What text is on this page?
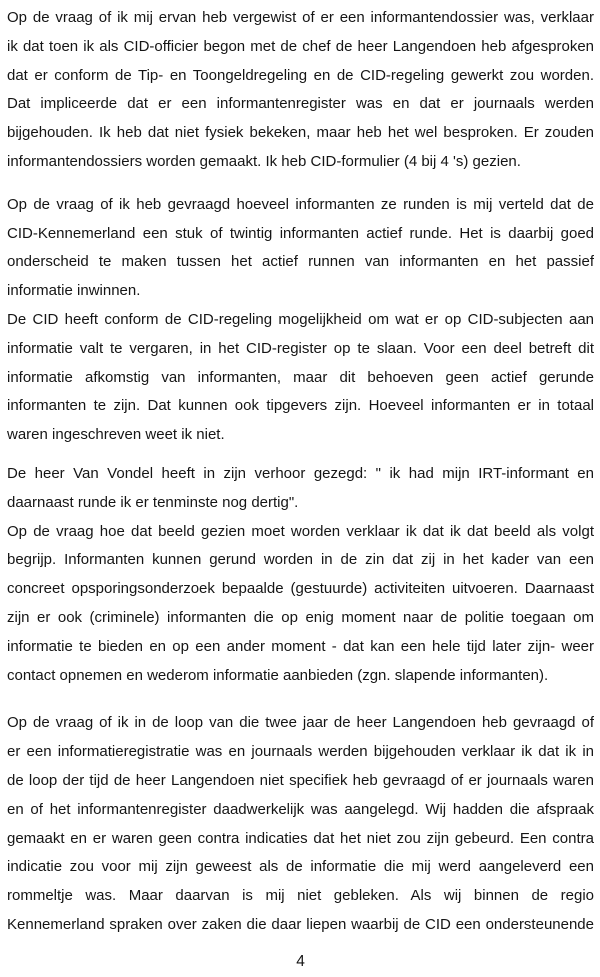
Op de vraag of ik mij ervan heb vergewist of er een informantendossier was, verklaar
ik dat toen ik als CID-officier begon met de chef de heer Langendoen heb afgesproken
dat er conform de Tip- en Toongeldregeling en de CID-regeling gewerkt zou worden.
Dat impliceerde dat er een informantenregister was en dat er journaals werden
bijgehouden. Ik heb dat niet fysiek bekeken, maar heb het wel besproken. Er zouden
informantendossiers worden gemaakt. Ik heb CID-formulier (4 bij 4 's) gezien.
Op de vraag of ik heb gevraagd hoeveel informanten ze runden is mij verteld dat de
CID-Kennemerland een stuk of twintig informanten actief runde. Het is daarbij goed
onderscheid te maken tussen het actief runnen van informanten en het passief
informatie inwinnen.
De CID heeft conform de CID-regeling mogelijkheid om wat er op CID-subjecten aan
informatie valt te vergaren, in het CID-register op te slaan. Voor een deel betreft dit
informatie afkomstig van informanten, maar dit behoeven geen actief gerunde
informanten te zijn. Dat kunnen ook tipgevers zijn. Hoeveel informanten er in totaal
waren ingeschreven weet ik niet.
De heer Van Vondel heeft in zijn verhoor gezegd: " ik had mijn IRT-informant en
daarnaast runde ik er tenminste nog dertig".
Op de vraag hoe dat beeld gezien moet worden verklaar ik dat ik dat beeld als volgt
begrijp. Informanten kunnen gerund worden in de zin dat zij in het kader van een
concreet opsporingsonderzoek bepaalde (gestuurde) activiteiten uitvoeren. Daarnaast
zijn er ook (criminele) informanten die op enig moment naar de politie toegaan om
informatie te bieden en op een ander moment - dat kan een hele tijd later zijn- weer
contact opnemen en wederom informatie aanbieden (zgn. slapende informanten).
Op de vraag of ik in de loop van die twee jaar de heer Langendoen heb gevraagd of
er een informatieregistratie was en journaals werden bijgehouden verklaar ik dat ik in
de loop der tijd de heer Langendoen niet specifiek heb gevraagd of er journaals waren
en of het informantenregister daadwerkelijk was aangelegd. Wij hadden die afspraak
gemaakt en er waren geen contra indicaties dat het niet zou zijn gebeurd. Een contra
indicatie zou voor mij zijn geweest als de informatie die mij werd aangeleverd een
rommeltje was. Maar daarvan is mij niet gebleken. Als wij binnen de regio
Kennemerland spraken over zaken die daar liepen waarbij de CID een ondersteunende
4
